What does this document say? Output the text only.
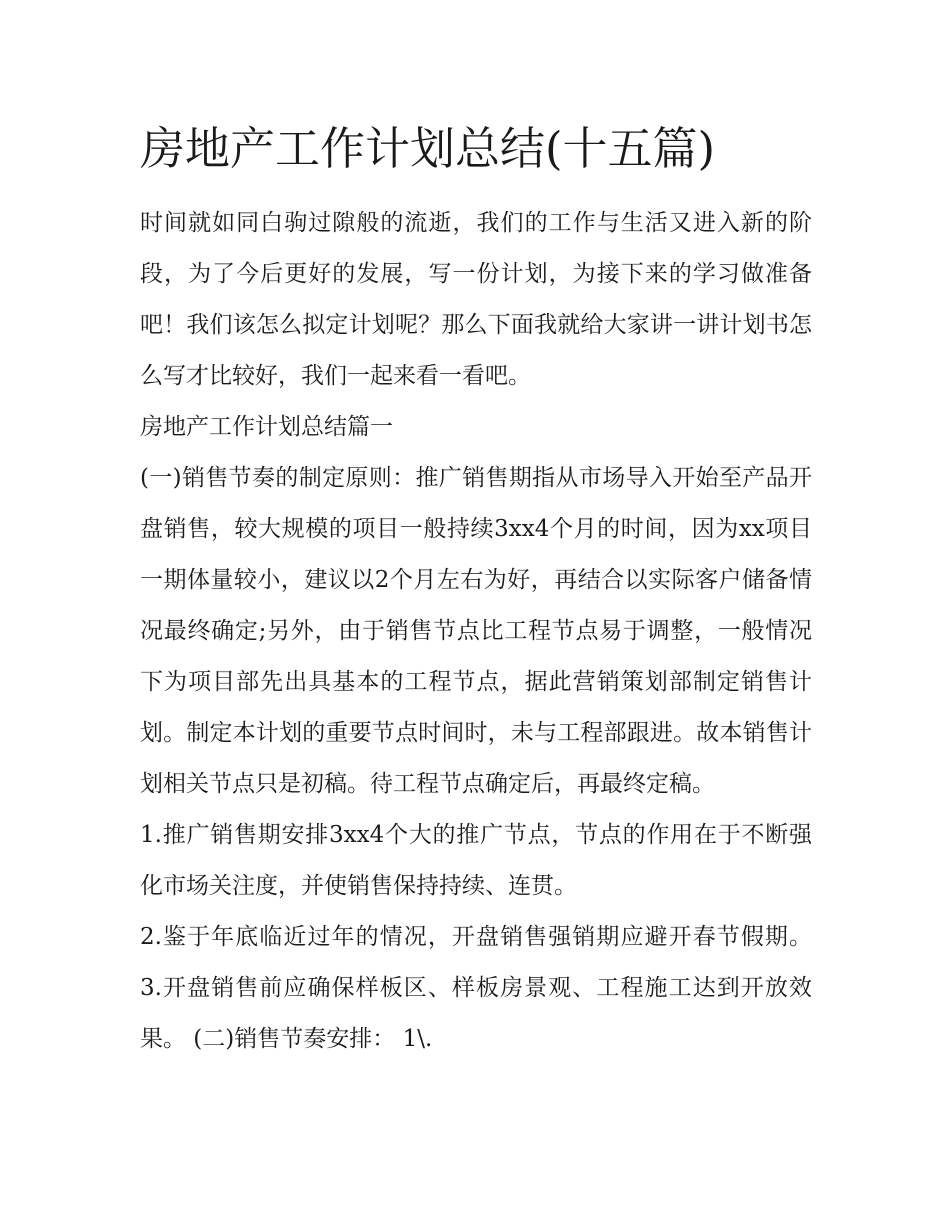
房地产工作计划总结(十五篇)

时间就如同白驹过隙般的流逝，我们的工作与生活又进入新的阶段，为了今后更好的发展，写一份计划，为接下来的学习做准备吧！我们该怎么拟定计划呢？那么下面我就给大家讲一讲计划书怎么写才比较好，我们一起来看一看吧。

房地产工作计划总结篇一

(一)销售节奏的制定原则：推广销售期指从市场导入开始至产品开盘销售，较大规模的项目一般持续3xx4个月的时间，因为xx项目一期体量较小，建议以2个月左右为好，再结合以实际客户储备情况最终确定;另外，由于销售节点比工程节点易于调整，一般情况下为项目部先出具基本的工程节点，据此营销策划部制定销售计划。制定本计划的重要节点时间时，未与工程部跟进。故本销售计划相关节点只是初稿。待工程节点确定后，再最终定稿。

1.推广销售期安排3xx4个大的推广节点，节点的作用在于不断强化市场关注度，并使销售保持持续、连贯。

2.鉴于年底临近过年的情况，开盘销售强销期应避开春节假期。 3.开盘销售前应确保样板区、样板房景观、工程施工达到开放效果。 (二)销售节奏安排： 1\.
